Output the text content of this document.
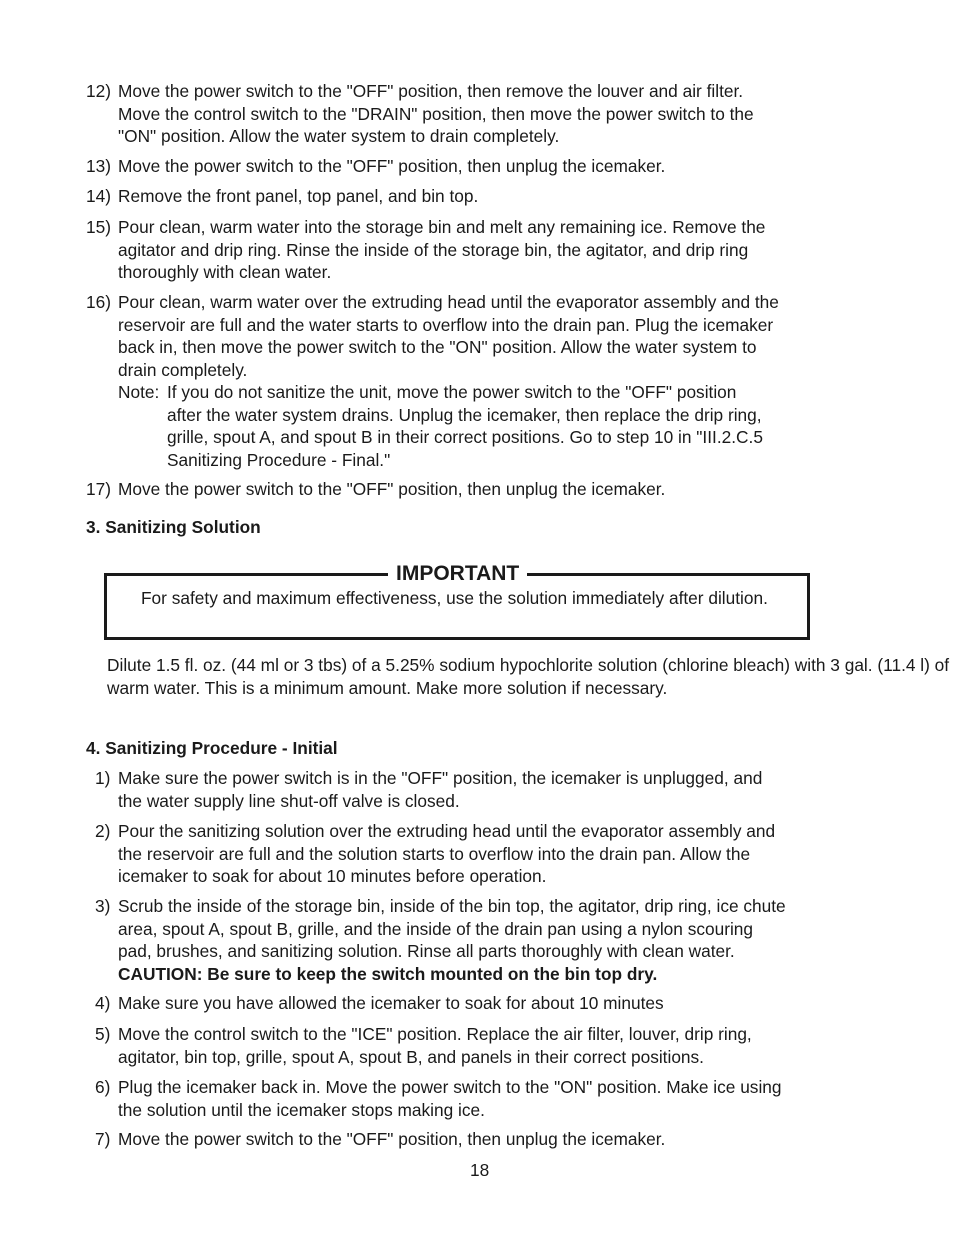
12) Move the power switch to the "OFF" position, then remove the louver and air filter.
Move the control switch to the "DRAIN" position, then move the power switch to the
"ON" position. Allow the water system to drain completely.
13) Move the power switch to the "OFF" position, then unplug the icemaker.
14) Remove the front panel, top panel, and bin top.
15) Pour clean, warm water into the storage bin and melt any remaining ice. Remove the
agitator and drip ring. Rinse the inside of the storage bin, the agitator, and drip ring
thoroughly with clean water.
16) Pour clean, warm water over the extruding head until the evaporator assembly and the
reservoir are full and the water starts to overflow into the drain pan. Plug the icemaker
back in, then move the power switch to the "ON" position. Allow the water system to
drain completely.
Note: If you do not sanitize the unit, move the power switch to the "OFF" position
after the water system drains. Unplug the icemaker, then replace the drip ring,
grille, spout A, and spout B in their correct positions. Go to step 10 in "III.2.C.5
Sanitizing Procedure - Final."
17) Move the power switch to the "OFF" position, then unplug the icemaker.
3. Sanitizing Solution
IMPORTANT
For safety and maximum effectiveness, use the solution immediately after dilution.
Dilute 1.5 fl. oz. (44 ml or 3 tbs) of a 5.25% sodium hypochlorite solution (chlorine bleach) with 3 gal. (11.4 l) of warm water. This is a minimum amount. Make more solution if necessary.
4. Sanitizing Procedure - Initial
1) Make sure the power switch is in the "OFF" position, the icemaker is unplugged, and
the water supply line shut-off valve is closed.
2) Pour the sanitizing solution over the extruding head until the evaporator assembly and
the reservoir are full and the solution starts to overflow into the drain pan. Allow the
icemaker to soak for about 10 minutes before operation.
3) Scrub the inside of the storage bin, inside of the bin top, the agitator, drip ring, ice chute
area, spout A, spout B, grille, and the inside of the drain pan using a nylon scouring
pad, brushes, and sanitizing solution. Rinse all parts thoroughly with clean water.
CAUTION: Be sure to keep the switch mounted on the bin top dry.
4) Make sure you have allowed the icemaker to soak for about 10 minutes
5) Move the control switch to the "ICE" position. Replace the air filter, louver, drip ring,
agitator, bin top, grille, spout A, spout B, and panels in their correct positions.
6) Plug the icemaker back in. Move the power switch to the "ON" position. Make ice using
the solution until the icemaker stops making ice.
7) Move the power switch to the "OFF" position, then unplug the icemaker.
18
